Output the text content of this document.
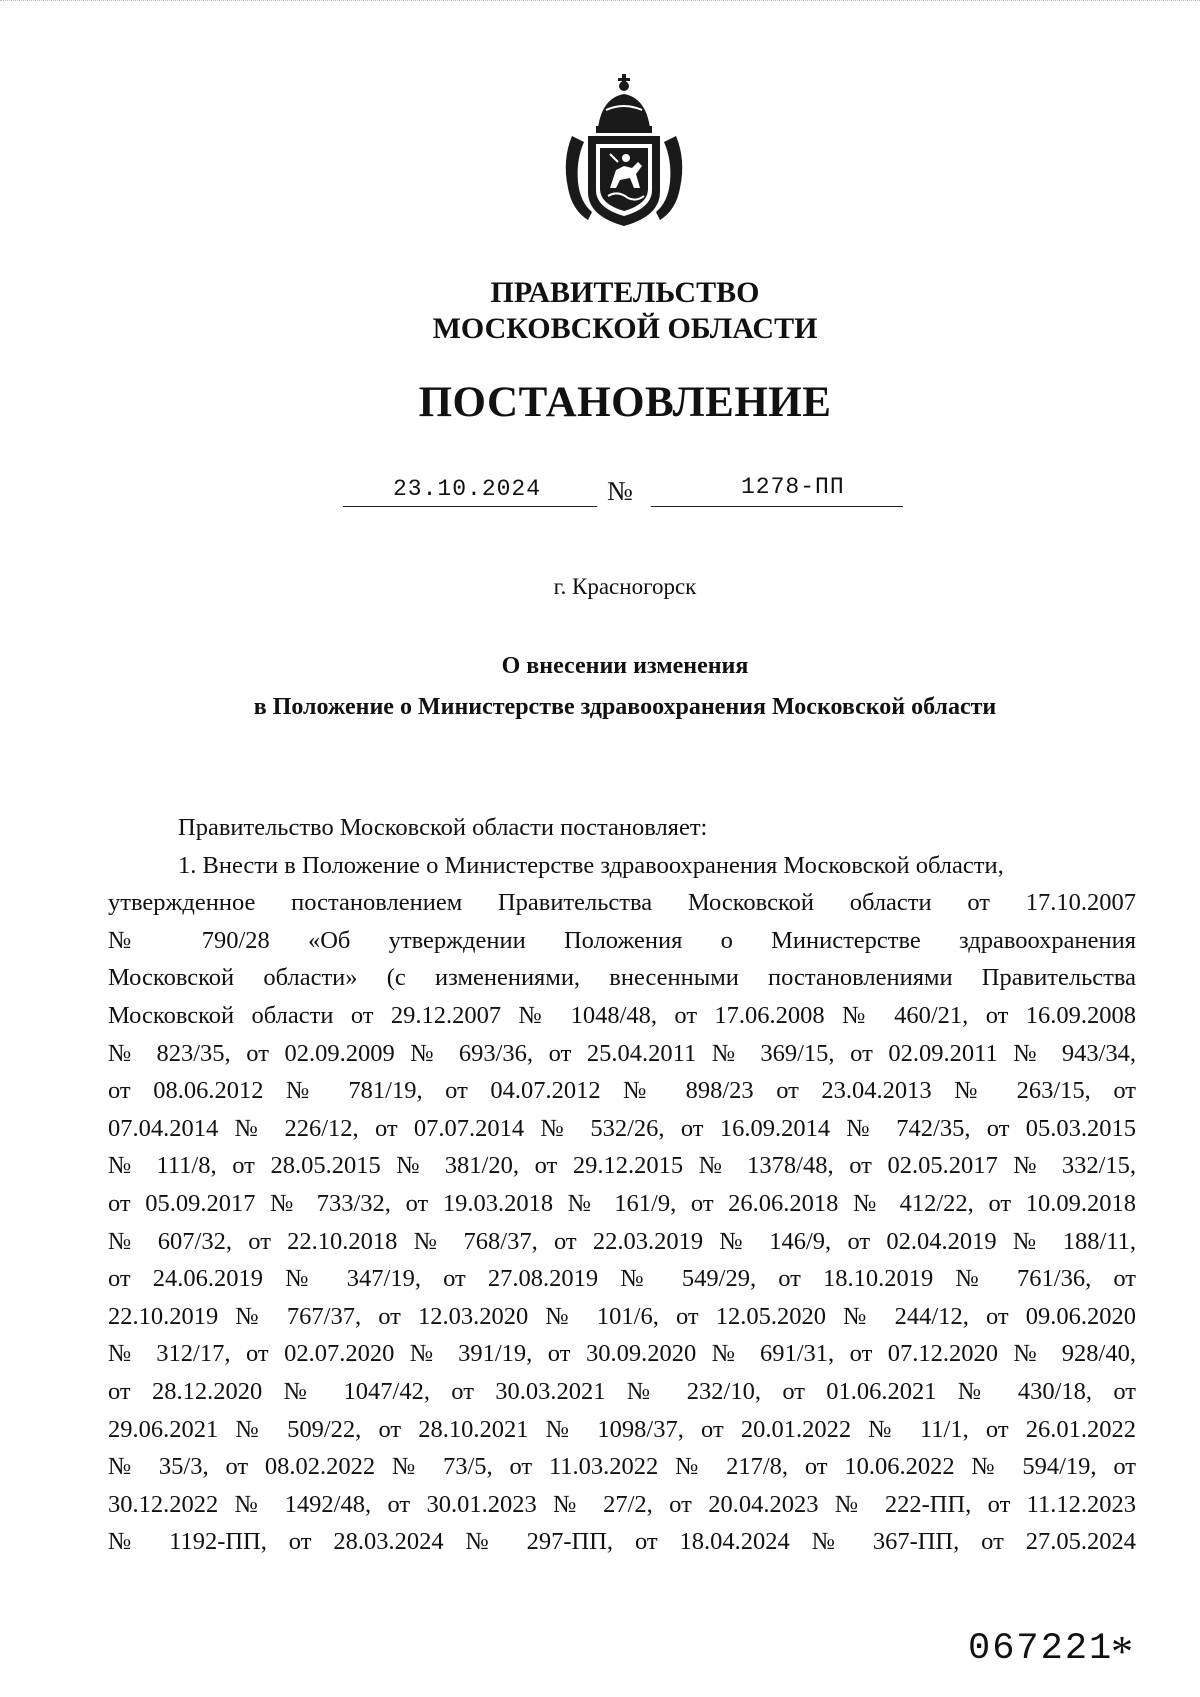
ПРАВИТЕЛЬСТВО
МОСКОВСКОЙ ОБЛАСТИ
ПОСТАНОВЛЕНИЕ
23.10.2024 №	1278-ПП
г. Красногорск
О внесении изменения
в Положение о Министерстве здравоохранения Московской области
Правительство Московской области постановляет:
1. Внести в Положение о Министерстве здравоохранения Московской области,
утвержденное постановлением Правительства Московской области от 17.10.2007
№ 790/28 «Об утверждении Положения о Министерстве здравоохранения
Московской области» (с изменениями, внесенными постановлениями Правительства
Московской области от 29.12.2007 № 1048/48, от 17.06.2008 № 460/21, от 16.09.2008
№ 823/35, от 02.09.2009 № 693/36, от 25.04.2011 № 369/15, от 02.09.2011 № 943/34,
от 08.06.2012 № 781/19, от 04.07.2012 № 898/23 от 23.04.2013 № 263/15, от
07.04.2014 № 226/12, от 07.07.2014 № 532/26, от 16.09.2014 № 742/35, от 05.03.2015
№ 111/8, от 28.05.2015 № 381/20, от 29.12.2015 № 1378/48, от 02.05.2017 № 332/15,
от 05.09.2017 № 733/32, от 19.03.2018 № 161/9, от 26.06.2018 № 412/22, от 10.09.2018
№ 607/32, от 22.10.2018 № 768/37, от 22.03.2019 № 146/9, от 02.04.2019 № 188/11,
от 24.06.2019 № 347/19, от 27.08.2019 № 549/29, от 18.10.2019 № 761/36, от
22.10.2019 № 767/37, от 12.03.2020 № 101/6, от 12.05.2020 № 244/12, от 09.06.2020
№ 312/17, от 02.07.2020 № 391/19, от 30.09.2020 № 691/31, от 07.12.2020 № 928/40,
от 28.12.2020 № 1047/42, от 30.03.2021 № 232/10, от 01.06.2021 № 430/18, от
29.06.2021 № 509/22, от 28.10.2021 № 1098/37, от 20.01.2022 № 11/1, от 26.01.2022
№ 35/3, от 08.02.2022 № 73/5, от 11.03.2022 № 217/8, от 10.06.2022 № 594/19, от
30.12.2022 № 1492/48, от 30.01.2023 № 27/2, от 20.04.2023 № 222-ПП, от 11.12.2023
№ 1192-ПП, от 28.03.2024 № 297-ПП, от 18.04.2024 № 367-ПП, от 27.05.2024
067221
*
